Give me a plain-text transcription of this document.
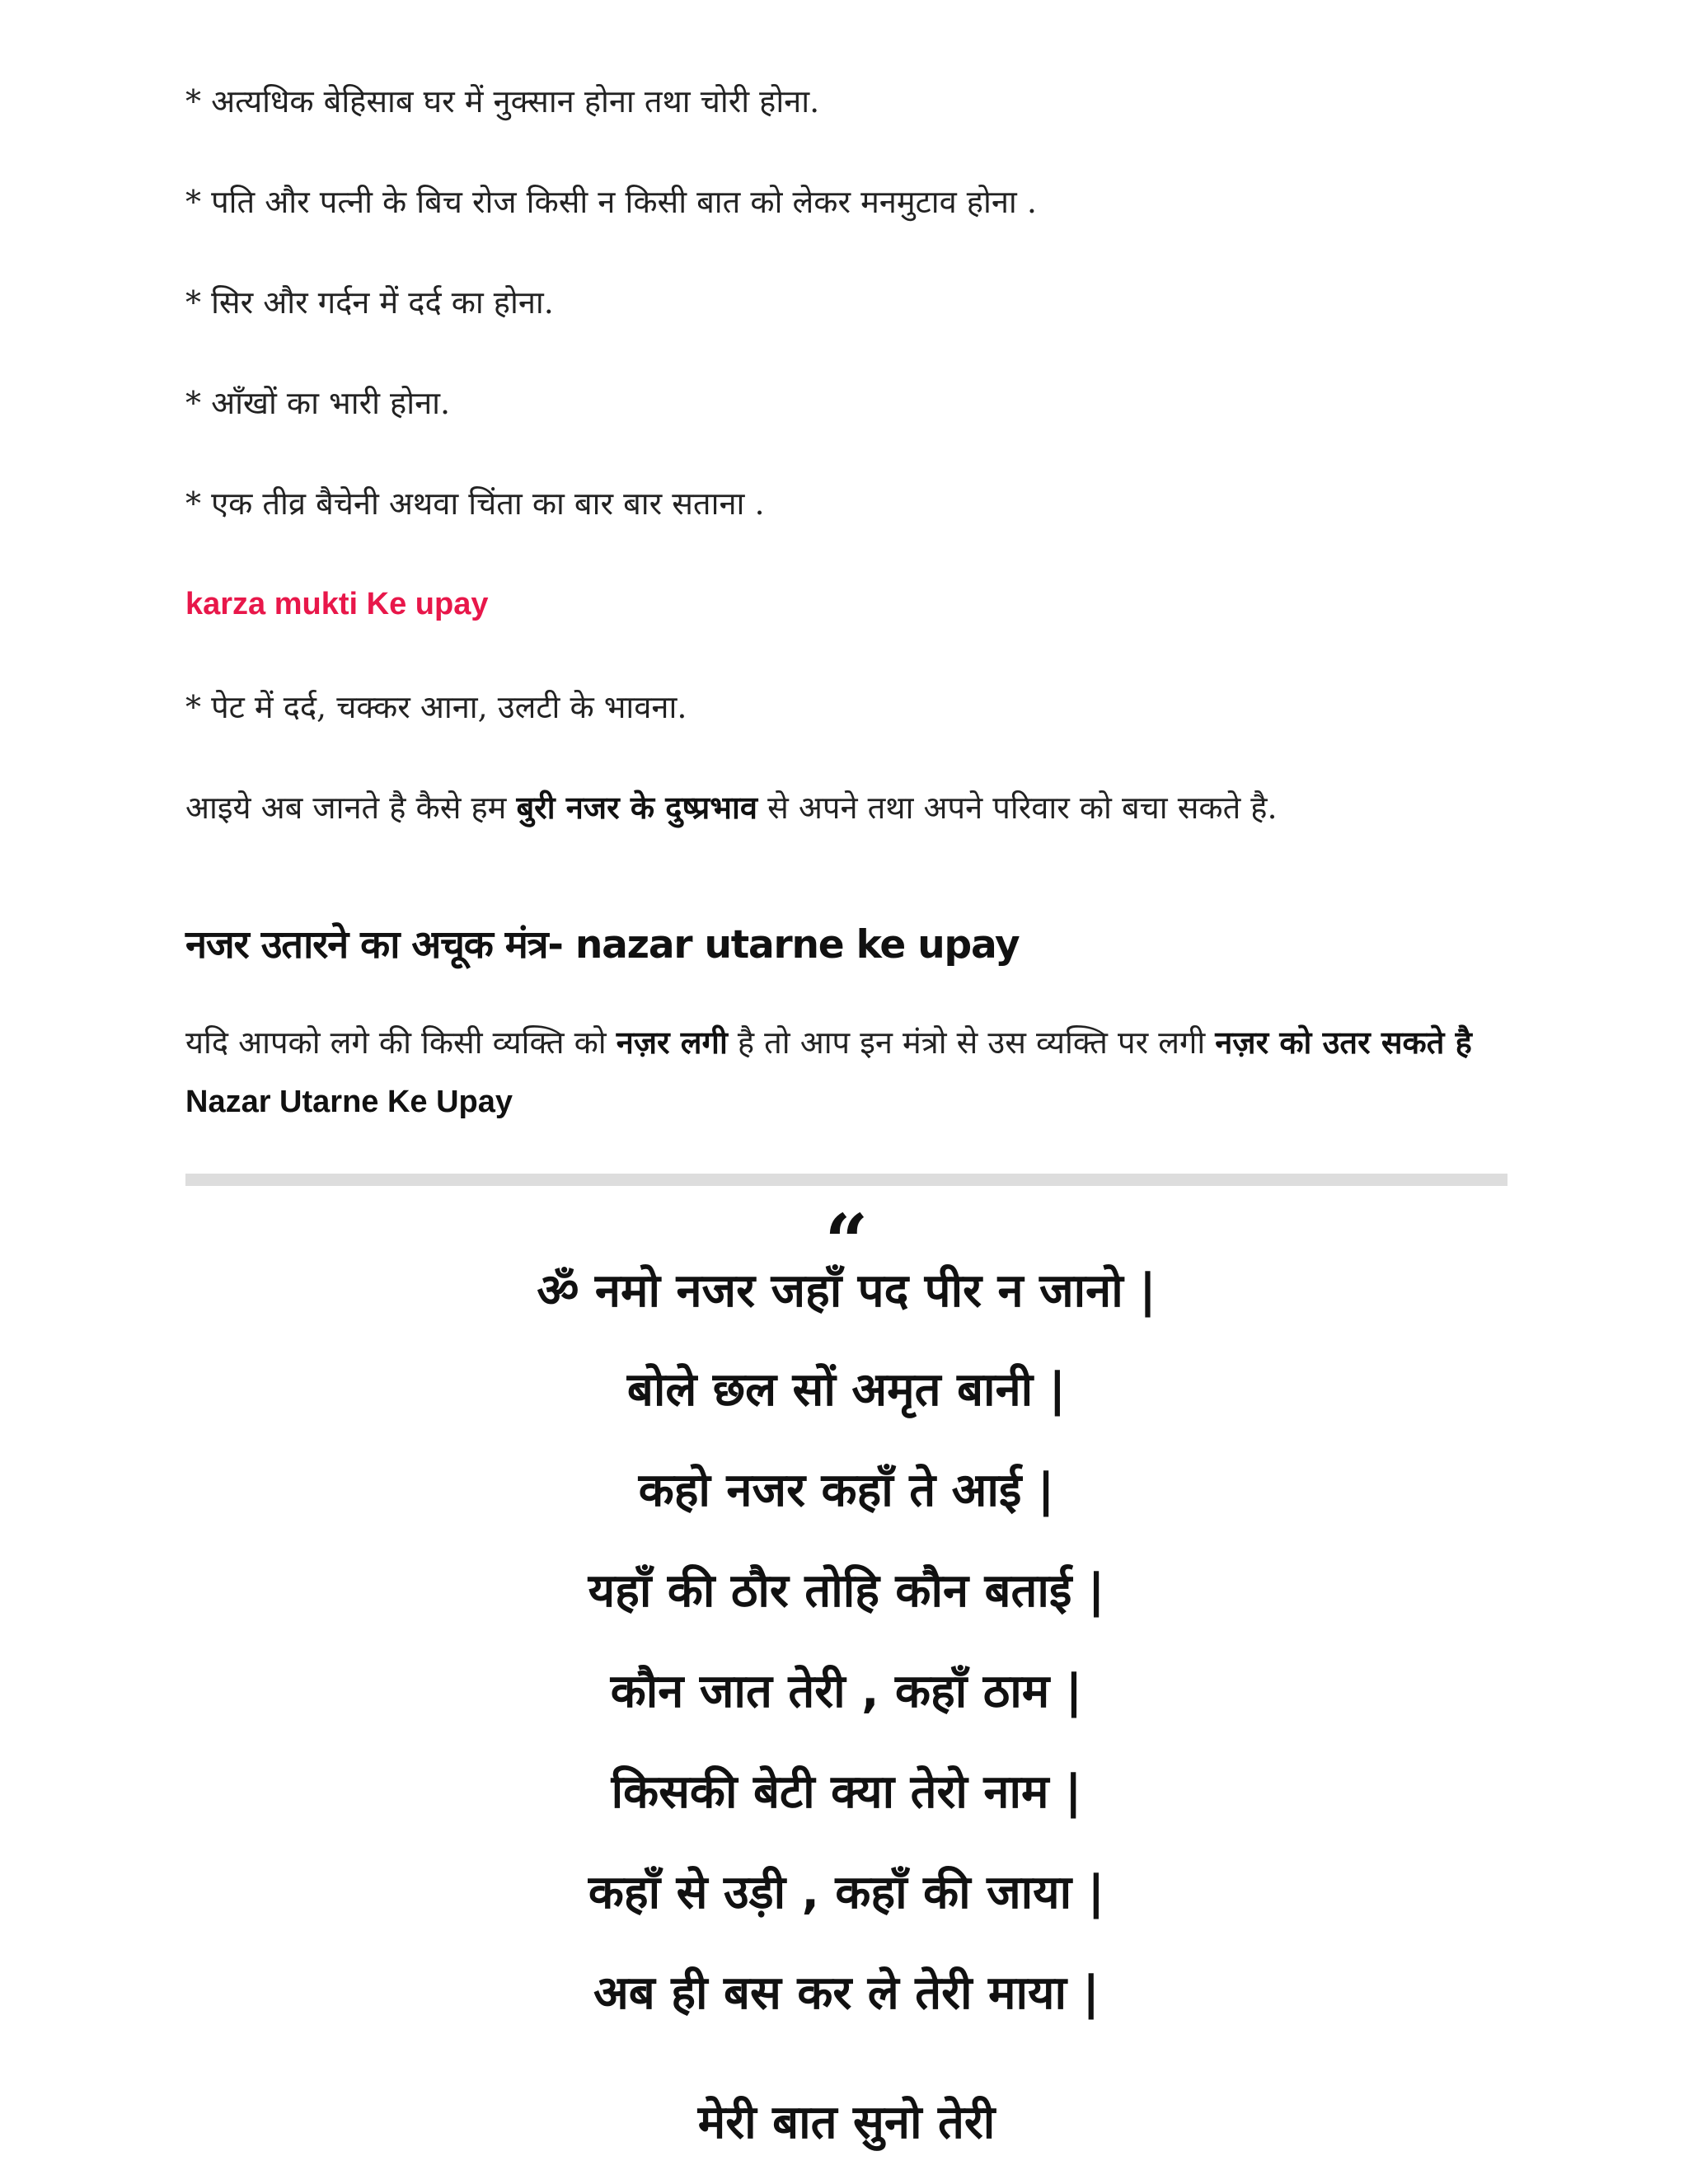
* अत्यधिक बेहिसाब घर में नुक्सान होना तथा चोरी होना.
* पति और पत्नी के बिच रोज किसी न किसी बात को लेकर मनमुटाव होना .
* सिर और गर्दन में दर्द का होना.
* आँखों का भारी होना.
* एक तीव्र बैचेनी अथवा चिंता का बार बार सताना .
karza mukti Ke upay
* पेट में दर्द, चक्कर आना, उलटी के भावना.
आइये अब जानते है कैसे हम बुरी नजर के दुष्प्रभाव से अपने तथा अपने परिवार को बचा सकते है.
नजर उतारने का अचूक मंत्र- nazar utarne ke upay
यदि आपको लगे की किसी व्यक्ति को नज़र लगी है तो आप इन मंत्रो से उस व्यक्ति पर लगी नज़र को उतर सकते है Nazar Utarne Ke Upay
“

ॐ नमो नजर जहाँ पद पीर न जानो |

बोले छल सों अमृत बानी |

कहो नजर कहाँ ते आई |

यहाँ की ठौर तोहि कौन बताई |

कौन जात तेरी , कहाँ ठाम |

किसकी बेटी क्या तेरो नाम |

कहाँ से उड़ी , कहाँ की जाया |

अब ही बस कर ले तेरी माया |

मेरी बात सुनो तेरी
